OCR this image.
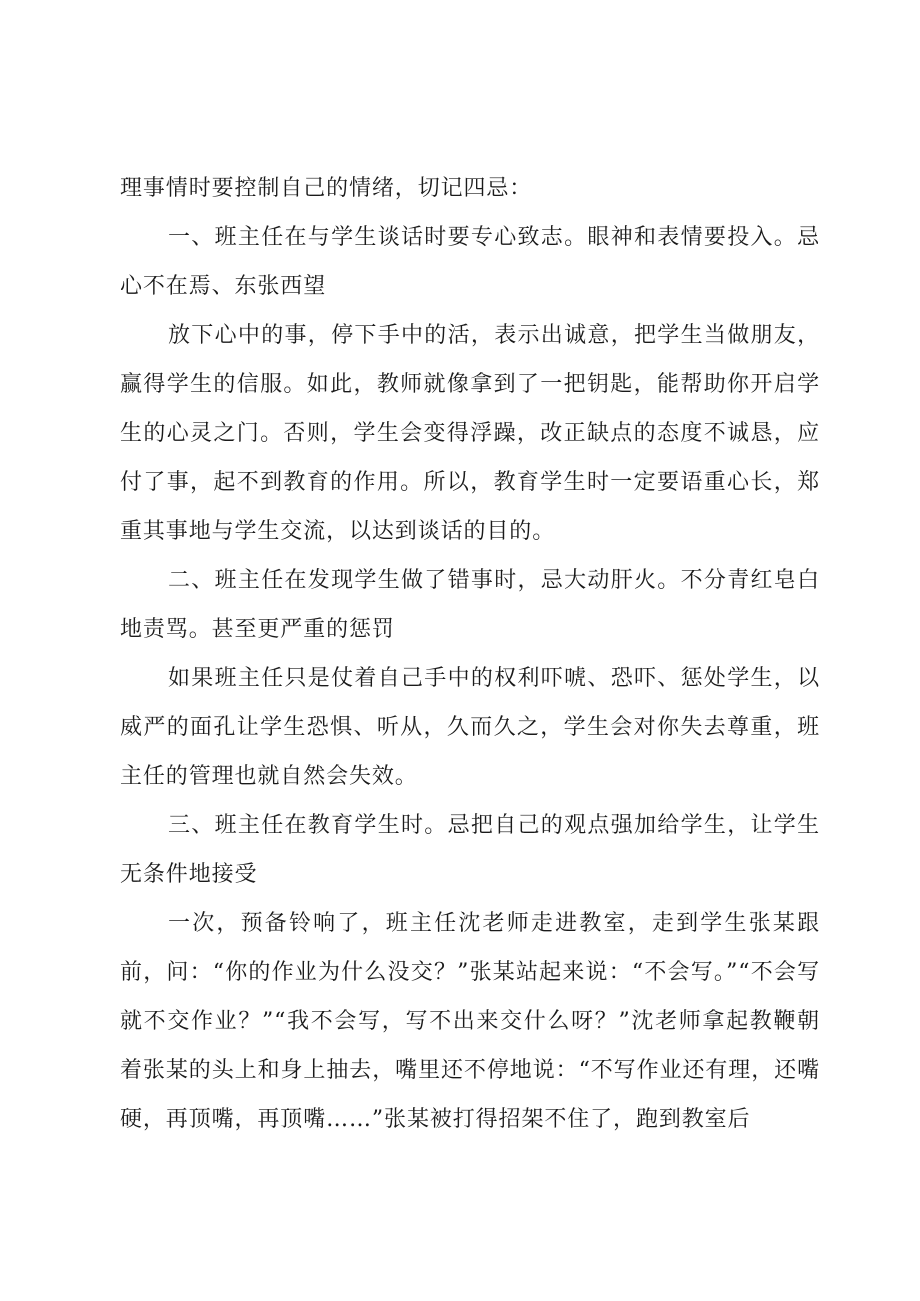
理事情时要控制自己的情绪，切记四忌：

一、班主任在与学生谈话时要专心致志。眼神和表情要投入。忌心不在焉、东张西望

放下心中的事，停下手中的活，表示出诚意，把学生当做朋友，赢得学生的信服。如此，教师就像拿到了一把钥匙，能帮助你开启学生的心灵之门。否则，学生会变得浮躁，改正缺点的态度不诚恳，应付了事，起不到教育的作用。所以，教育学生时一定要语重心长，郑重其事地与学生交流，以达到谈话的目的。

二、班主任在发现学生做了错事时，忌大动肝火。不分青红皂白地责骂。甚至更严重的惩罚

如果班主任只是仗着自己手中的权利吓唬、恐吓、惩处学生，以威严的面孔让学生恐惧、听从，久而久之，学生会对你失去尊重，班主任的管理也就自然会失效。

三、班主任在教育学生时。忌把自己的观点强加给学生，让学生无条件地接受

一次，预备铃响了，班主任沈老师走进教室，走到学生张某跟前，问：“你的作业为什么没交？”张某站起来说：“不会写。”“不会写就不交作业？”“我不会写，写不出来交什么呀？”沈老师拿起教鞭朝着张某的头上和身上抽去，嘴里还不停地说：“不写作业还有理，还嘴硬，再顶嘴，再顶嘴……”张某被打得招架不住了，跑到教室后
